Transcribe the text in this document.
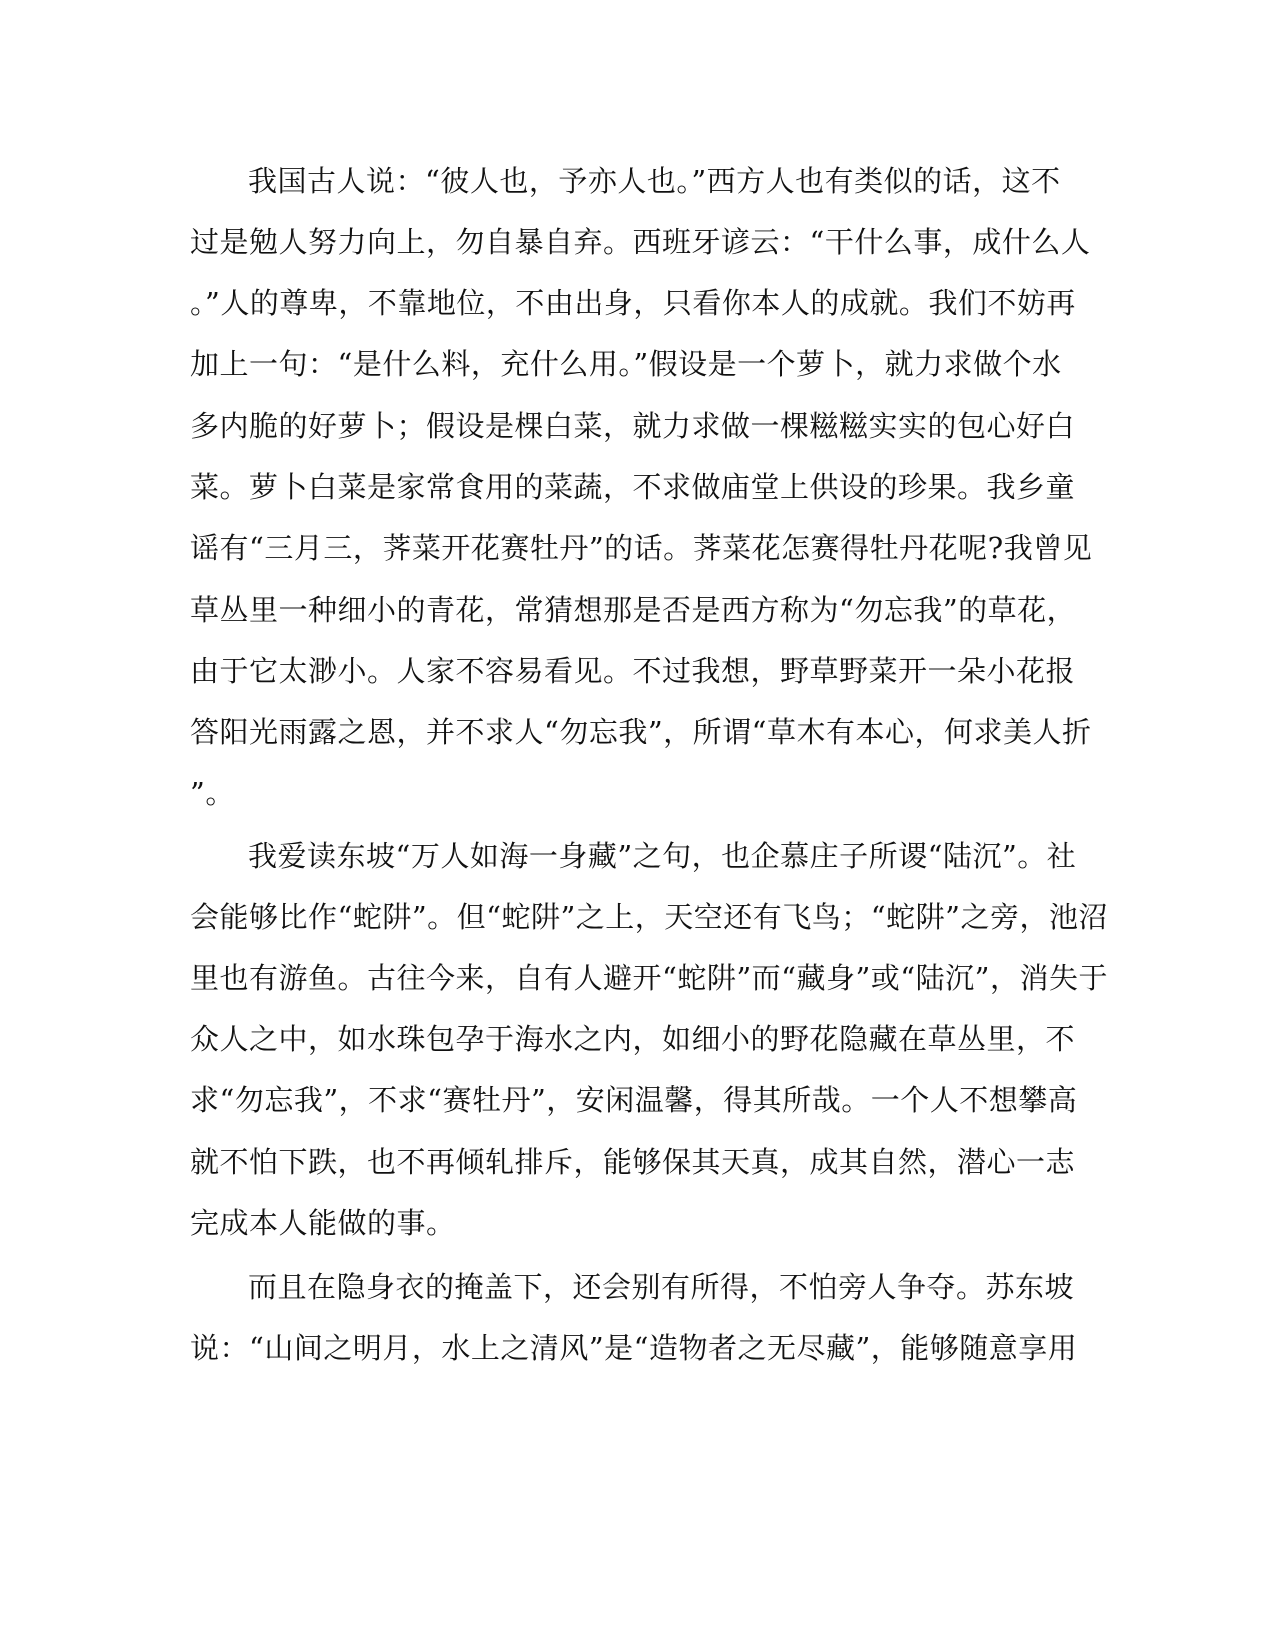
我国古人说：“彼人也，予亦人也。”西方人也有类似的话，这不
过是勉人努力向上，勿自暴自弃。西班牙谚云：“干什么事，成什么人
。”人的尊卑，不靠地位，不由出身，只看你本人的成就。我们不妨再
加上一句：“是什么料，充什么用。”假设是一个萝卜，就力求做个水
多内脆的好萝卜；假设是棵白菜，就力求做一棵糍糍实实的包心好白
菜。萝卜白菜是家常食用的菜蔬，不求做庙堂上供设的珍果。我乡童
谣有“三月三，荠菜开花赛牡丹”的话。荠菜花怎赛得牡丹花呢?我曾见
草丛里一种细小的青花，常猜想那是否是西方称为“勿忘我”的草花，
由于它太渺小。人家不容易看见。不过我想，野草野菜开一朵小花报
答阳光雨露之恩，并不求人“勿忘我”，所谓“草木有本心，何求美人折
”。
我爱读东坡“万人如海一身藏”之句，也企慕庄子所谡“陆沉”。社
会能够比作“蛇阱”。但“蛇阱”之上，天空还有飞鸟；“蛇阱”之旁，池沼
里也有游鱼。古往今来，自有人避开“蛇阱”而“藏身”或“陆沉”，消失于
众人之中，如水珠包孕于海水之内，如细小的野花隐藏在草丛里，不
求“勿忘我”，不求“赛牡丹”，安闲温馨，得其所哉。一个人不想攀高
就不怕下跌，也不再倾轧排斥，能够保其天真，成其自然，潜心一志
完成本人能做的事。
而且在隐身衣的掩盖下，还会别有所得，不怕旁人争夺。苏东坡
说：“山间之明月，水上之清风”是“造物者之无尽藏”，能够随意享用
